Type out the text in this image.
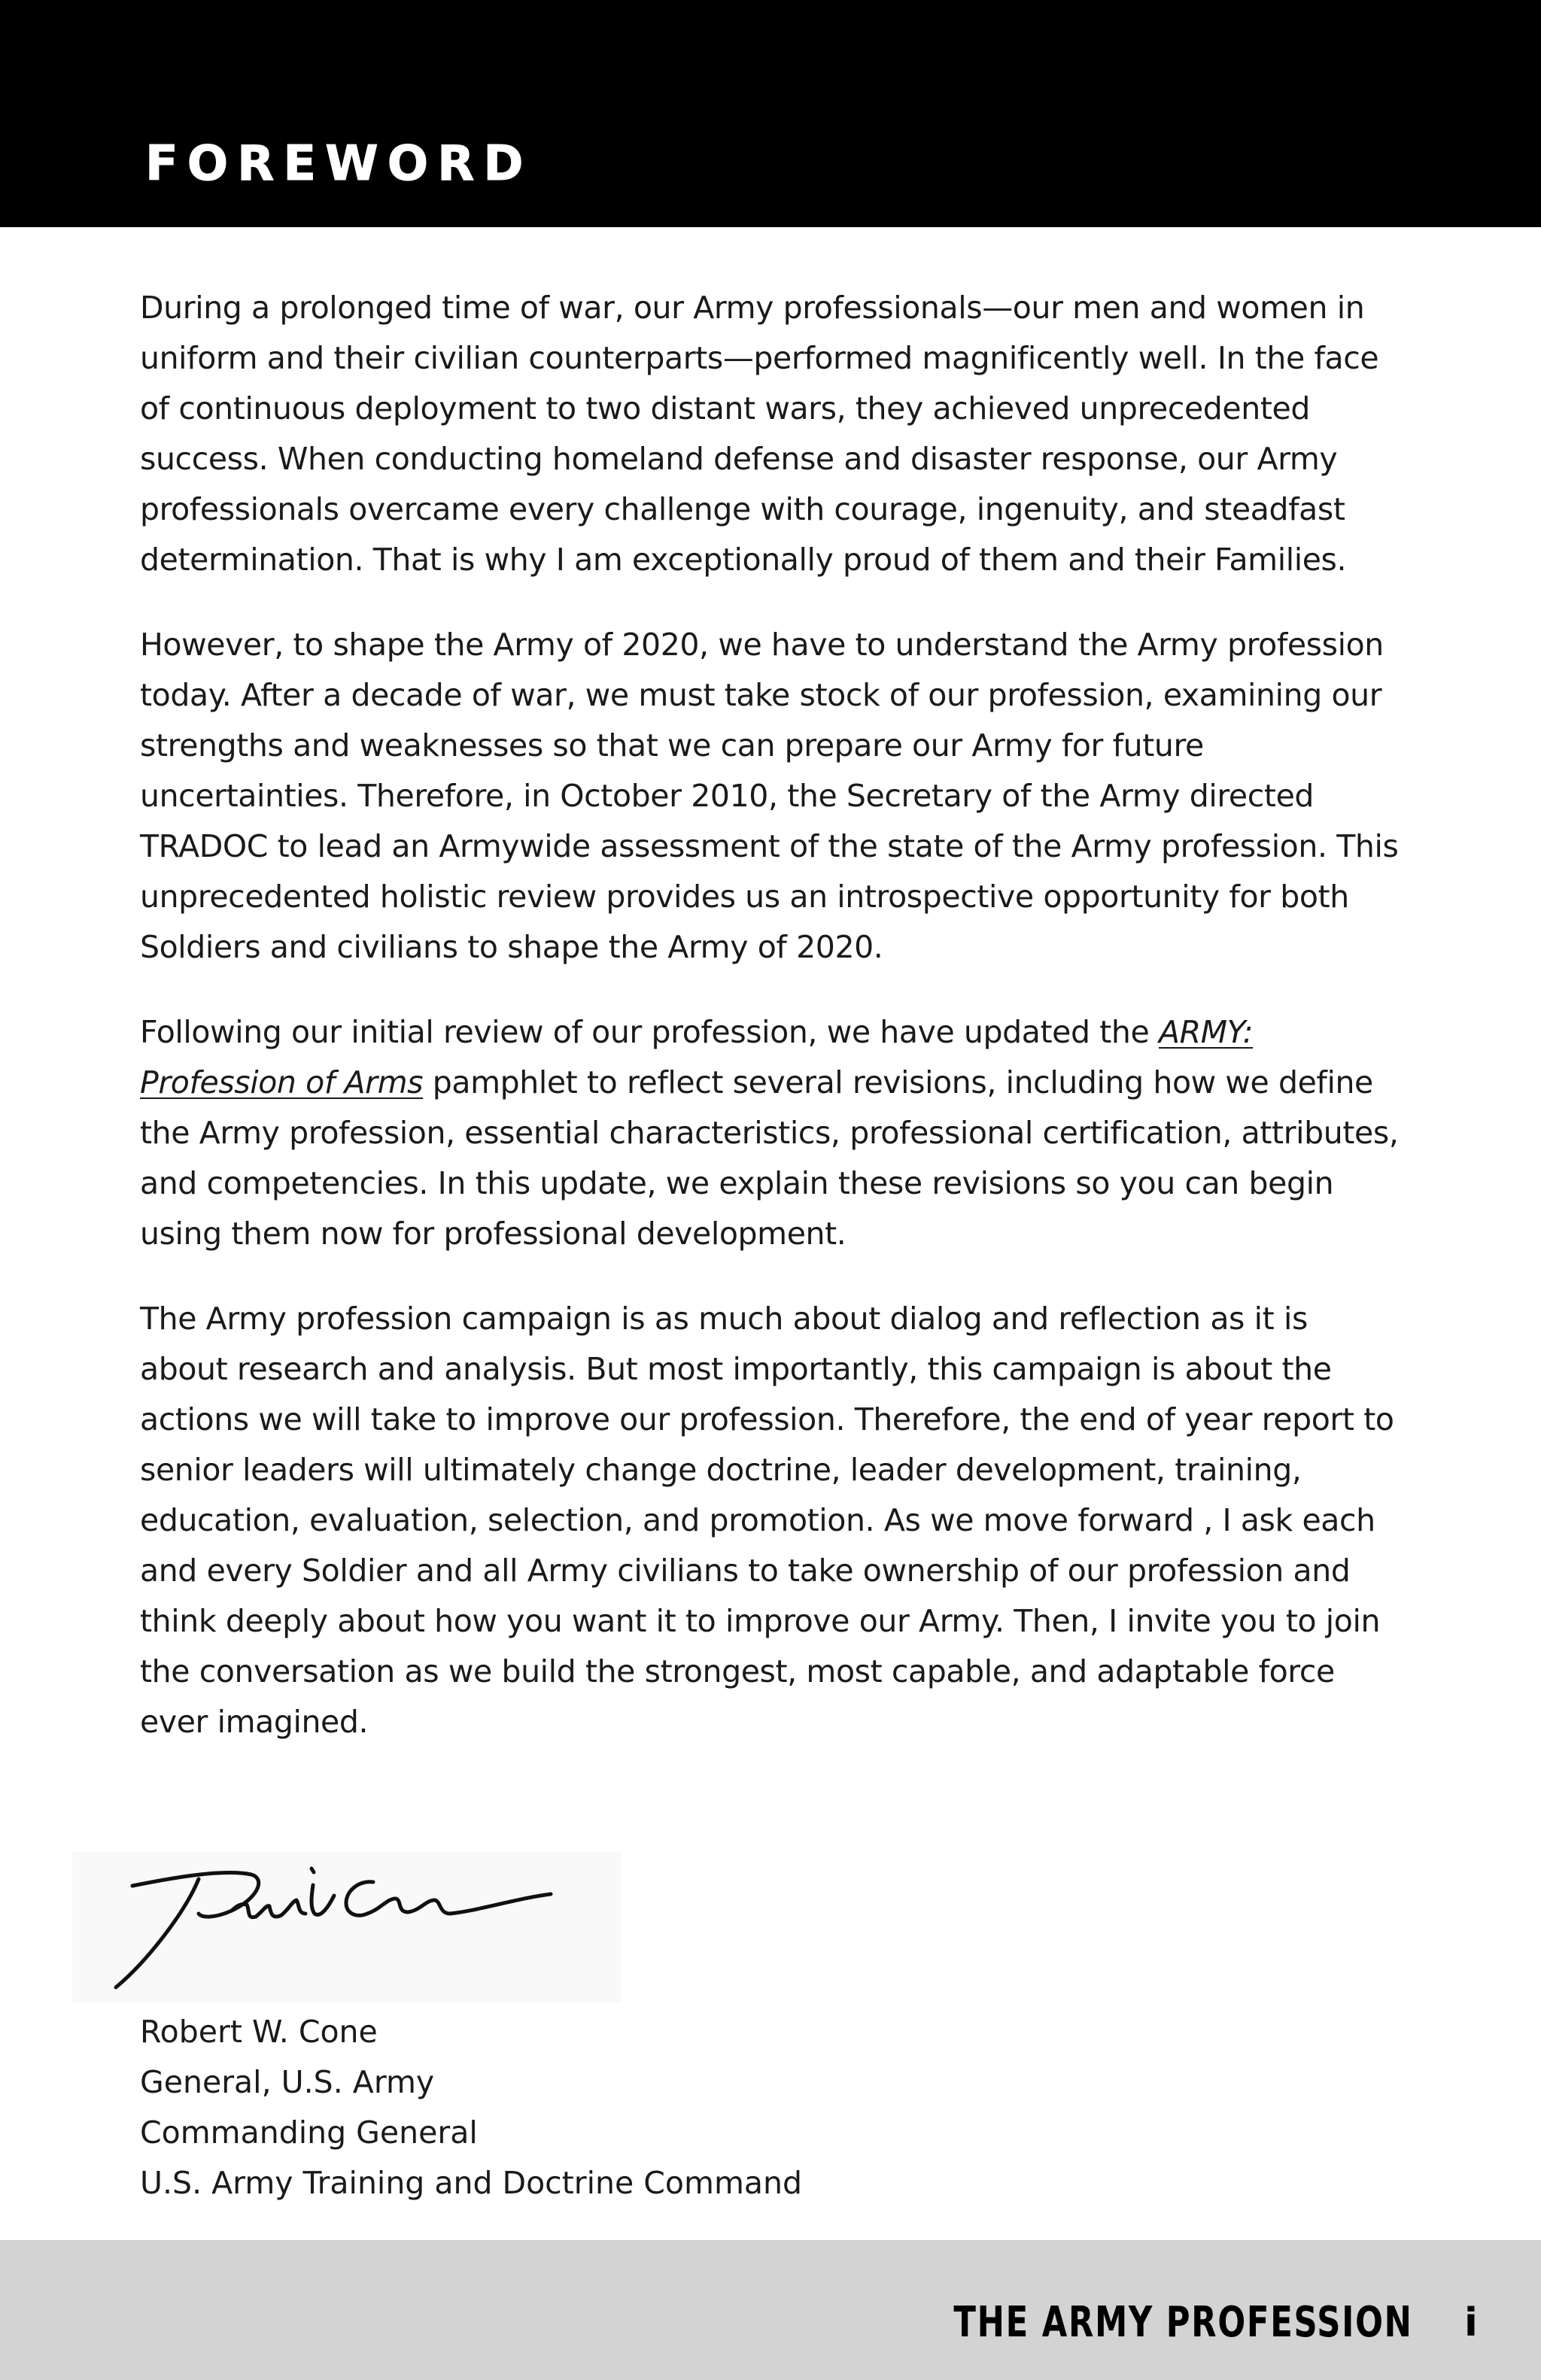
FOREWORD

During a prolonged time of war, our Army professionals—our men and women in uniform and their civilian counterparts—performed magnificently well. In the face of continuous deployment to two distant wars, they achieved unprecedented success. When conducting homeland defense and disaster response, our Army professionals overcame every challenge with courage, ingenuity, and steadfast determination. That is why I am exceptionally proud of them and their Families.

However, to shape the Army of 2020, we have to understand the Army profession today. After a decade of war, we must take stock of our profession, examining our strengths and weaknesses so that we can prepare our Army for future uncertainties. Therefore, in October 2010, the Secretary of the Army directed TRADOC to lead an Armywide assessment of the state of the Army profession. This unprecedented holistic review provides us an introspective opportunity for both Soldiers and civilians to shape the Army of 2020.

Following our initial review of our profession, we have updated the ARMY: Profession of Arms pamphlet to reflect several revisions, including how we define the Army profession, essential characteristics, professional certification, attributes, and competencies. In this update, we explain these revisions so you can begin using them now for professional development.

The Army profession campaign is as much about dialog and reflection as it is about research and analysis. But most importantly, this campaign is about the actions we will take to improve our profession. Therefore, the end of year report to senior leaders will ultimately change doctrine, leader development, training, education, evaluation, selection, and promotion. As we move forward , I ask each and every Soldier and all Army civilians to take ownership of our profession and think deeply about how you want it to improve our Army. Then, I invite you to join the conversation as we build the strongest, most capable, and adaptable force ever imagined.

Robert W. Cone
General, U.S. Army
Commanding General
U.S. Army Training and Doctrine Command
THE ARMY PROFESSION i
